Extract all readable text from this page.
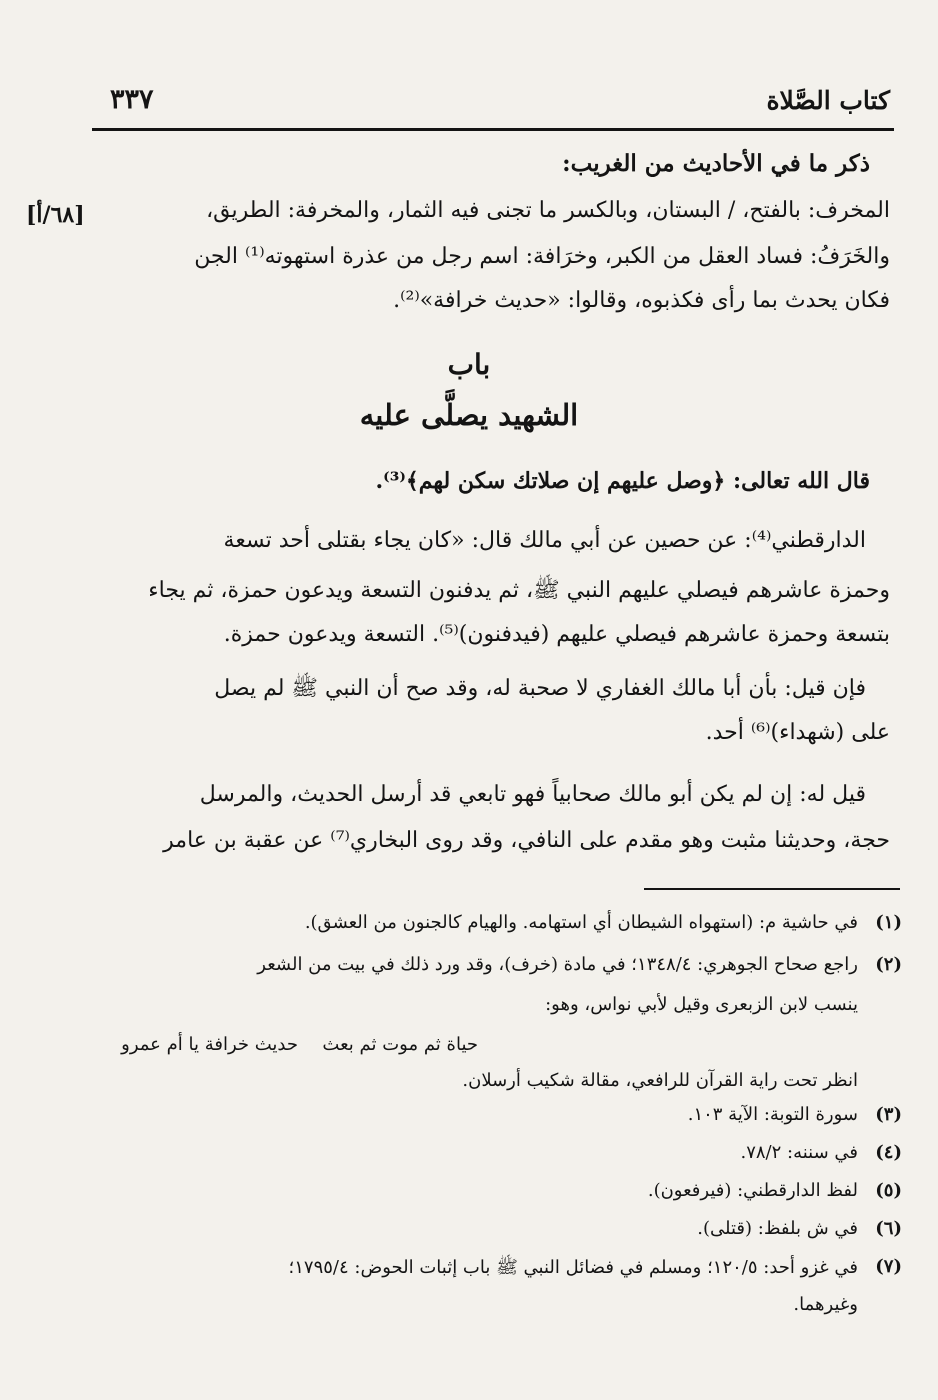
كتاب الصَّلاة
٣٣٧
ذكر ما في الأحاديث من الغريب:
المخرف: بالفتح، / البستان، وبالكسر ما تجنى فيه الثمار، والمخرفة: الطريق،
[٦٨/أ]
والخَرَفُ: فساد العقل من الكبر، وخرَافة: اسم رجل من عذرة استهوته⁽¹⁾ الجن
فكان يحدث بما رأى فكذبوه، وقالوا: «حديث خرافة»⁽²⁾.
باب
الشهيد يصلَّى عليه
قال الله تعالى: ﴿وصل عليهم إن صلاتك سكن لهم﴾⁽³⁾.
الدارقطني⁽⁴⁾: عن حصين عن أبي مالك قال: «كان يجاء بقتلى أحد تسعة
وحمزة عاشرهم فيصلي عليهم النبي ﷺ، ثم يدفنون التسعة ويدعون حمزة، ثم يجاء
بتسعة وحمزة عاشرهم فيصلي عليهم (فيدفنون)⁽⁵⁾. التسعة ويدعون حمزة.
فإن قيل: بأن أبا مالك الغفاري لا صحبة له، وقد صح أن النبي ﷺ لم يصل
على (شهداء)⁽⁶⁾ أحد.
قيل له: إن لم يكن أبو مالك صحابياً فهو تابعي قد أرسل الحديث، والمرسل
حجة، وحديثنا مثبت وهو مقدم على النافي، وقد روى البخاري⁽⁷⁾ عن عقبة بن عامر
(١)
في حاشية م: (استهواه الشيطان أي استهامه. والهيام كالجنون من العشق).
(٢)
راجع صحاح الجوهري: ١٣٤٨/٤؛ في مادة (خرف)، وقد ورد ذلك في بيت من الشعر
ينسب لابن الزبعرى وقيل لأبي نواس، وهو:
حياة ثم موت ثم بعث
حديث خرافة يا أم عمرو
انظر تحت راية القرآن للرافعي، مقالة شكيب أرسلان.
(٣)
سورة التوبة: الآية ١٠٣.
(٤)
في سننه: ٧٨/٢.
(٥)
لفظ الدارقطني: (فيرفعون).
(٦)
في ش بلفظ: (قتلى).
(٧)
في غزو أحد: ١٢٠/٥؛ ومسلم في فضائل النبي ﷺ باب إثبات الحوض: ١٧٩٥/٤؛
وغيرهما.
